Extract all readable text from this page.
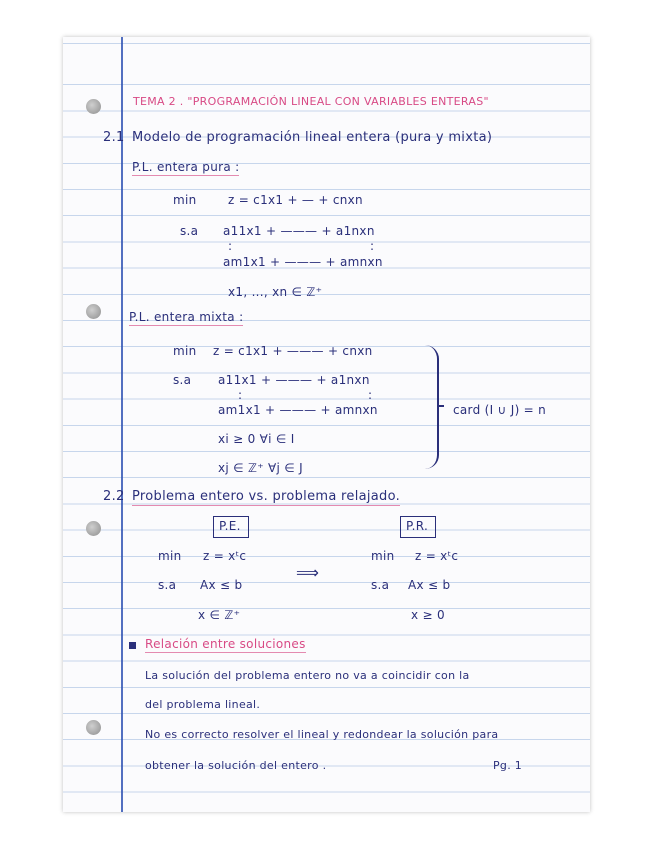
TEMA 2 . "PROGRAMACIÓN LINEAL CON VARIABLES ENTERAS"
2.1 Modelo de programación lineal entera (pura y mixta)
P.L. entera pura :
min	z = c1x1 + — + cnxn
s.a a11x1 + ——— + a1nxn
:	:
am1x1 + ——— + amnxn
x1, ..., xn ∈ ℤ⁺
P.L. entera mixta :
min z = c1x1 + ——— + cnxn
s.a a11x1 + ——— + a1nxn
:	:
am1x1 + ——— + amnxn
xi ≥ 0 ∀i ∈ I
xj ∈ ℤ⁺ ∀j ∈ J
card (I ∪ J) = n
2.2 Problema entero vs. problema relajado.
P.E.	P.R.
min z = xᵗc
s.a Ax ≤ b
x ∈ ℤ⁺
⟹
min z = xᵗc
s.a Ax ≤ b
x ≥ 0
Relación entre soluciones
La solución del problema entero no va a coincidir con la
del problema lineal.
No es correcto resolver el lineal y redondear la solución para
obtener la solución del entero .	Pg. 1
